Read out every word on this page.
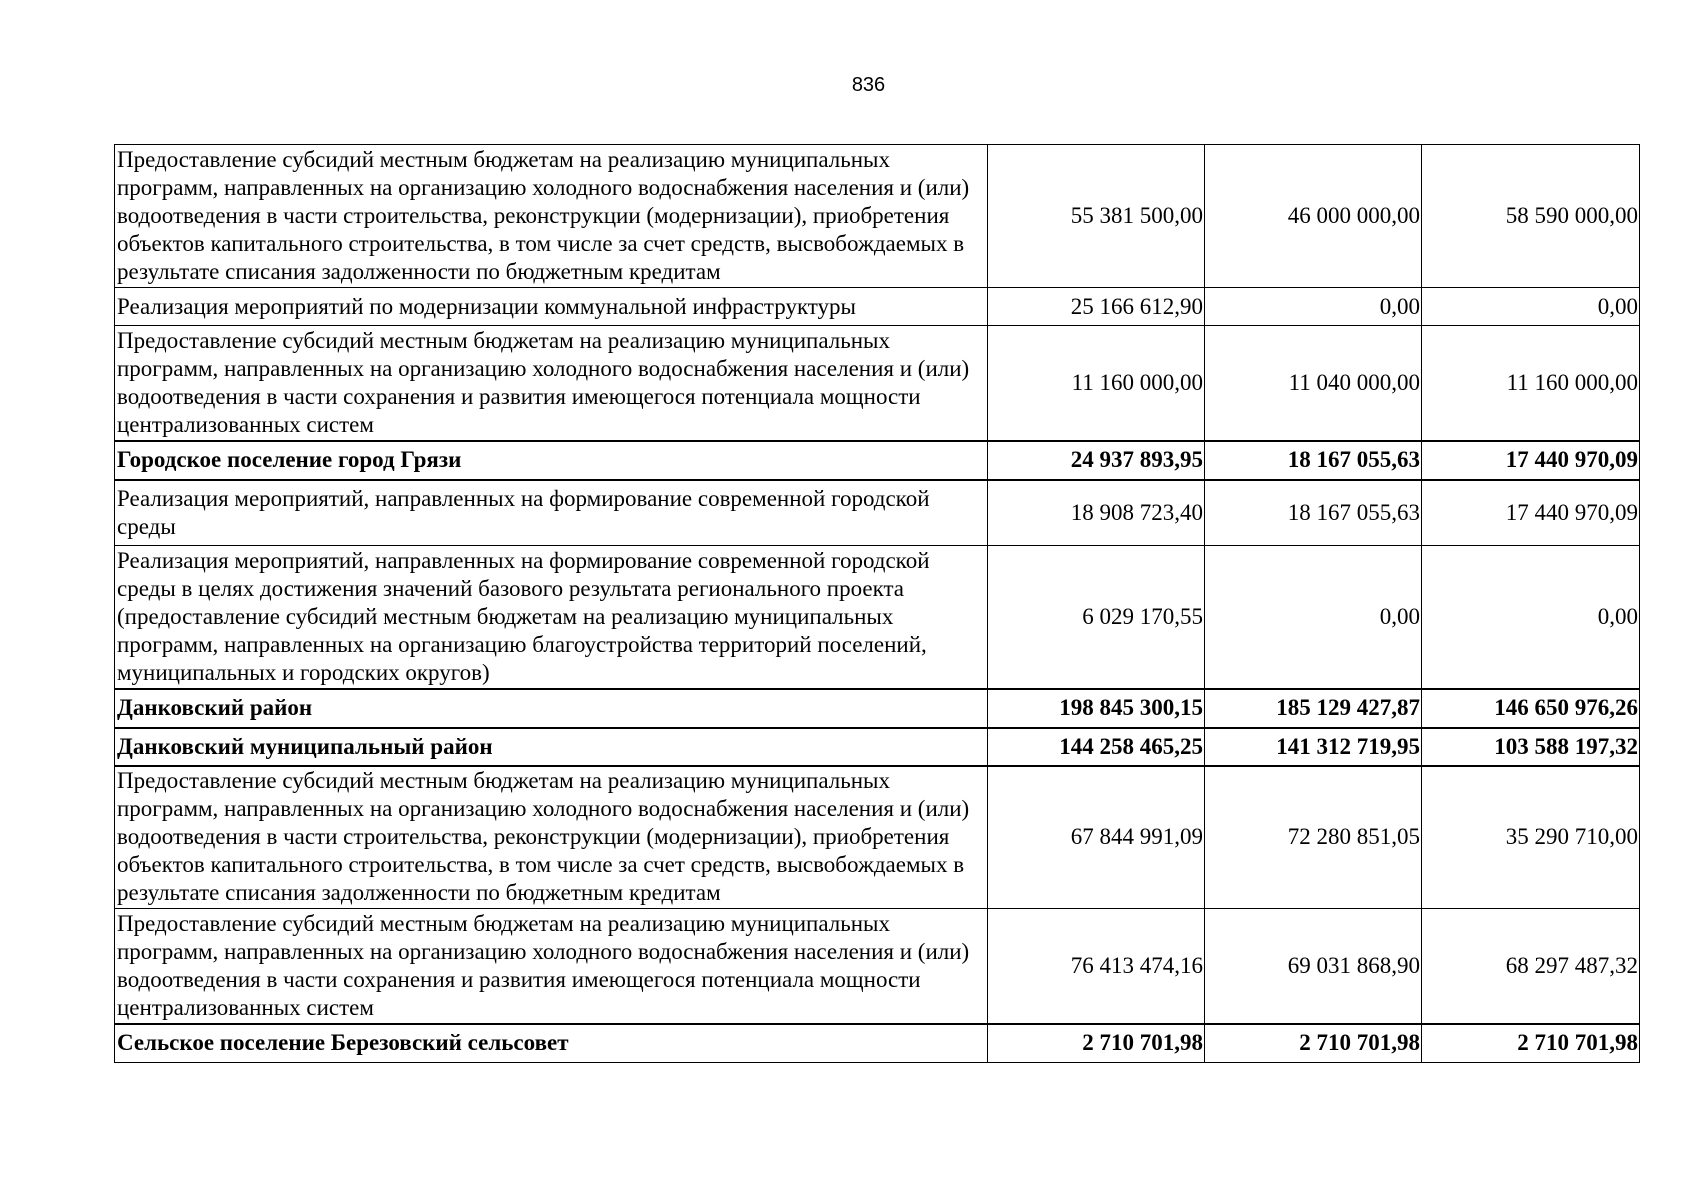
836
Предоставление субсидий местным бюджетам на реализацию муниципальных программ, направленных на организацию холодного водоснабжения населения и (или) водоотведения в части строительства, реконструкции (модернизации), приобретения объектов капитального строительства, в том числе за счет средств, высвобождаемых в результате списания задолженности по бюджетным кредитам	55 381 500,00	46 000 000,00	58 590 000,00
Реализация мероприятий по модернизации коммунальной инфраструктуры	25 166 612,90	0,00	0,00
Предоставление субсидий местным бюджетам на реализацию муниципальных программ, направленных на организацию холодного водоснабжения населения и (или) водоотведения в части сохранения и развития имеющегося потенциала мощности централизованных систем	11 160 000,00	11 040 000,00	11 160 000,00
Городское поселение город Грязи	24 937 893,95	18 167 055,63	17 440 970,09
Реализация мероприятий, направленных на формирование современной городской среды	18 908 723,40	18 167 055,63	17 440 970,09
Реализация мероприятий, направленных на формирование современной городской среды в целях достижения значений базового результата регионального проекта (предоставление субсидий местным бюджетам на реализацию муниципальных программ, направленных на организацию благоустройства территорий поселений, муниципальных и городских округов)	6 029 170,55	0,00	0,00
Данковский район	198 845 300,15	185 129 427,87	146 650 976,26
Данковский муниципальный район	144 258 465,25	141 312 719,95	103 588 197,32
Предоставление субсидий местным бюджетам на реализацию муниципальных программ, направленных на организацию холодного водоснабжения населения и (или) водоотведения в части строительства, реконструкции (модернизации), приобретения объектов капитального строительства, в том числе за счет средств, высвобождаемых в результате списания задолженности по бюджетным кредитам	67 844 991,09	72 280 851,05	35 290 710,00
Предоставление субсидий местным бюджетам на реализацию муниципальных программ, направленных на организацию холодного водоснабжения населения и (или) водоотведения в части сохранения и развития имеющегося потенциала мощности централизованных систем	76 413 474,16	69 031 868,90	68 297 487,32
Сельское поселение Березовский сельсовет	2 710 701,98	2 710 701,98	2 710 701,98
